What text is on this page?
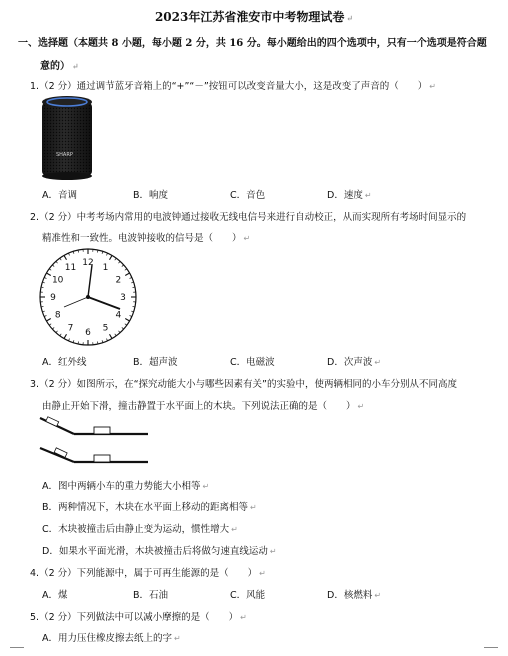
2023年江苏省淮安市中考物理试卷 ↵
一、选择题（本题共 8 小题，每小题 2 分，共 16 分。每小题给出的四个选项中，只有一个选项是符合题
意的） ↵
1.（2 分）通过调节蓝牙音箱上的“+”“－”按钮可以改变音量大小，这是改变了声音的（　　） ↵
SHARP
A．音调	B．响度	C．音色	D．速度 ↵
2.（2 分）中考考场内常用的电波钟通过接收无线电信号来进行自动校正，从而实现所有考场时间显示的
精准性和一致性。电波钟接收的信号是（　　） ↵
12 1
2
3
4
5
6
7
8
9
10
11
A．红外线	B．超声波	C．电磁波	D．次声波 ↵
3.（2 分）如图所示，在“探究动能大小与哪些因素有关”的实验中，使两辆相同的小车分别从不同高度
由静止开始下滑，撞击静置于水平面上的木块。下列说法正确的是（　　） ↵
A．图中两辆小车的重力势能大小相等 ↵
B．两种情况下，木块在水平面上移动的距离相等 ↵
C．木块被撞击后由静止变为运动，惯性增大 ↵
D．如果水平面光滑，木块被撞击后将做匀速直线运动 ↵
4.（2 分）下列能源中，属于可再生能源的是（　　） ↵
A．煤	B．石油	C．风能	D．核燃料 ↵
5.（2 分）下列做法中可以减小摩擦的是（　　） ↵
A．用力压住橡皮擦去纸上的字 ↵
